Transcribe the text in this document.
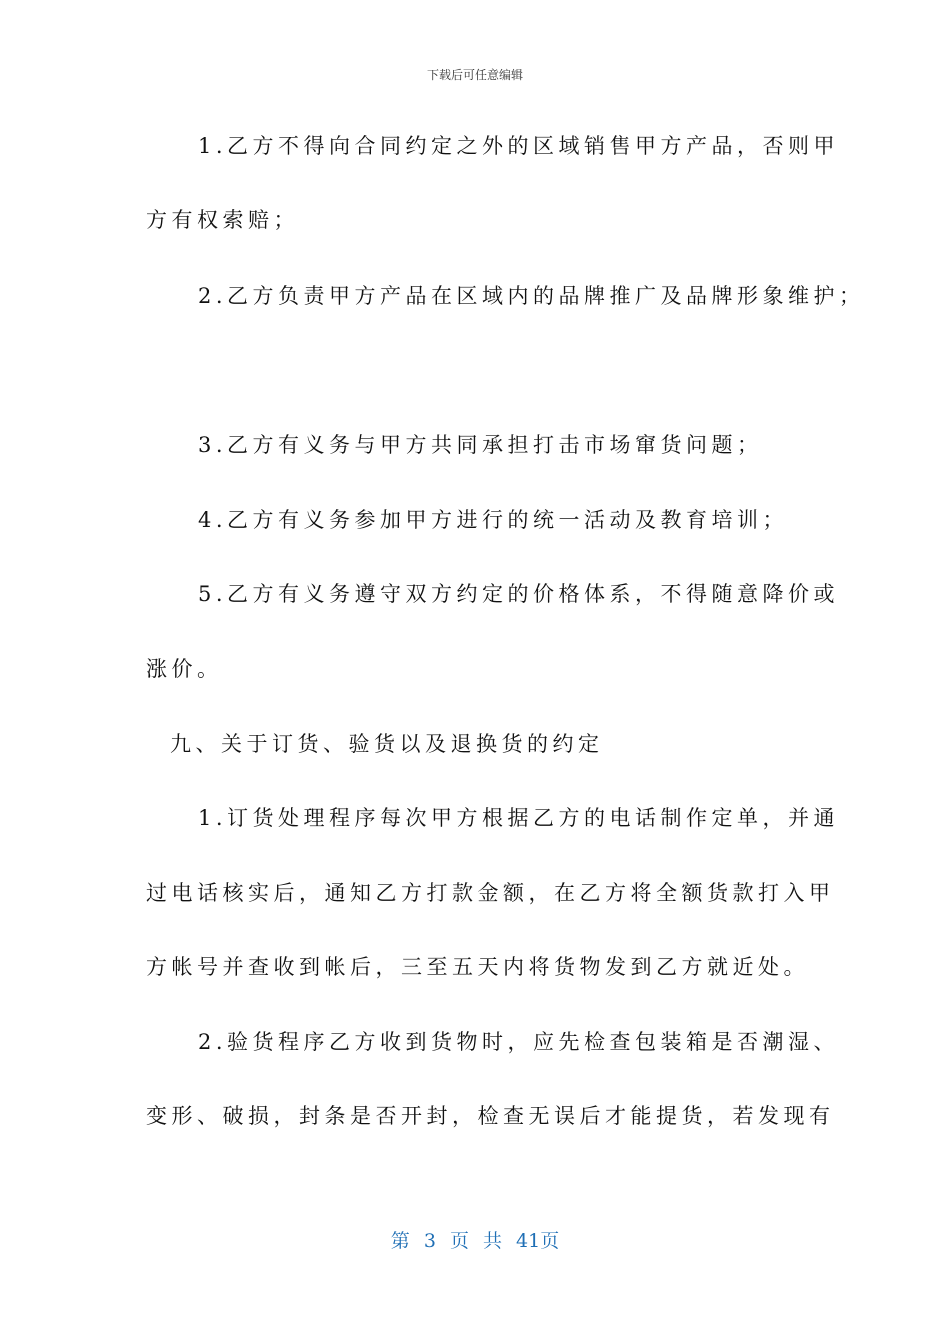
下载后可任意编辑
1.乙方不得向合同约定之外的区域销售甲方产品，否则甲
方有权索赔；
2.乙方负责甲方产品在区域内的品牌推广及品牌形象维护；
3.乙方有义务与甲方共同承担打击市场窜货问题；
4.乙方有义务参加甲方进行的统一活动及教育培训；
5.乙方有义务遵守双方约定的价格体系，不得随意降价或
涨价。
九、关于订货、验货以及退换货的约定
1.订货处理程序每次甲方根据乙方的电话制作定单，并通
过电话核实后，通知乙方打款金额，在乙方将全额货款打入甲
方帐号并查收到帐后，三至五天内将货物发到乙方就近处。
2.验货程序乙方收到货物时，应先检查包装箱是否潮湿、
变形、破损，封条是否开封，检查无误后才能提货，若发现有
第 3 页 共 41页
